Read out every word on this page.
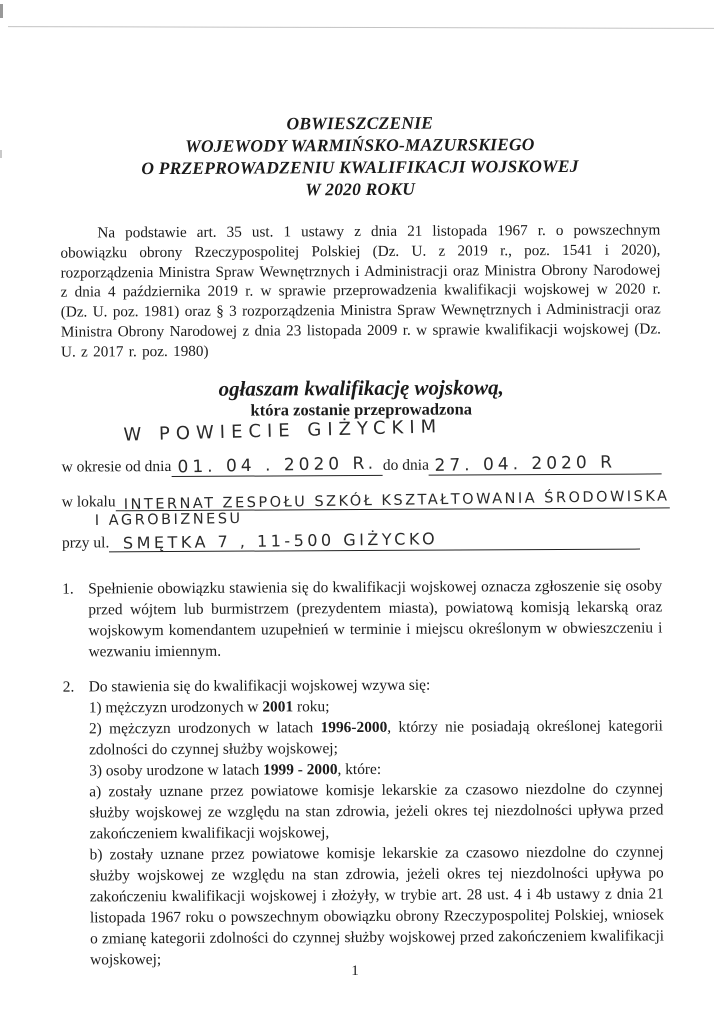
OBWIESZCZENIE
WOJEWODY WARMIŃSKO-MAZURSKIEGO
O PRZEPROWADZENIU KWALIFIKACJI WOJSKOWEJ
W 2020 ROKU

Na podstawie art. 35 ust. 1 ustawy z dnia 21 listopada 1967 r. o powszechnym obowiązku obrony Rzeczypospolitej Polskiej (Dz. U. z 2019 r., poz. 1541 i 2020), rozporządzenia Ministra Spraw Wewnętrznych i Administracji oraz Ministra Obrony Narodowej z dnia 4 października 2019 r. w sprawie przeprowadzenia kwalifikacji wojskowej w 2020 r. (Dz. U. poz. 1981) oraz § 3 rozporządzenia Ministra Spraw Wewnętrznych i Administracji oraz Ministra Obrony Narodowej z dnia 23 listopada 2009 r. w sprawie kwalifikacji wojskowej (Dz. U. z 2017 r. poz. 1980)

ogłaszam kwalifikację wojskową,
która zostanie przeprowadzona
W POWIECIE GIŻYCKIM
w okresie od dnia 01. 04 . 2020 R. do dnia 27. 04. 2020 R
w lokalu INTERNAT ZESPOŁU SZKÓŁ KSZTAŁTOWANIA ŚRODOWISKA
I AGROBIZNESU
przy ul. SMĘTKA 7 , 11-500 GIŻYCKO
1. Spełnienie obowiązku stawienia się do kwalifikacji wojskowej oznacza zgłoszenie się osoby przed wójtem lub burmistrzem (prezydentem miasta), powiatową komisją lekarską oraz wojskowym komendantem uzupełnień w terminie i miejscu określonym w obwieszczeniu i wezwaniu imiennym.
2. Do stawienia się do kwalifikacji wojskowej wzywa się:
1) mężczyzn urodzonych w 2001 roku;
2) mężczyzn urodzonych w latach 1996-2000, którzy nie posiadają określonej kategorii zdolności do czynnej służby wojskowej;
3) osoby urodzone w latach 1999 - 2000, które:
a) zostały uznane przez powiatowe komisje lekarskie za czasowo niezdolne do czynnej służby wojskowej ze względu na stan zdrowia, jeżeli okres tej niezdolności upływa przed zakończeniem kwalifikacji wojskowej,
b) zostały uznane przez powiatowe komisje lekarskie za czasowo niezdolne do czynnej służby wojskowej ze względu na stan zdrowia, jeżeli okres tej niezdolności upływa po zakończeniu kwalifikacji wojskowej i złożyły, w trybie art. 28 ust. 4 i 4b ustawy z dnia 21 listopada 1967 roku o powszechnym obowiązku obrony Rzeczypospolitej Polskiej, wniosek o zmianę kategorii zdolności do czynnej służby wojskowej przed zakończeniem kwalifikacji wojskowej;
1
